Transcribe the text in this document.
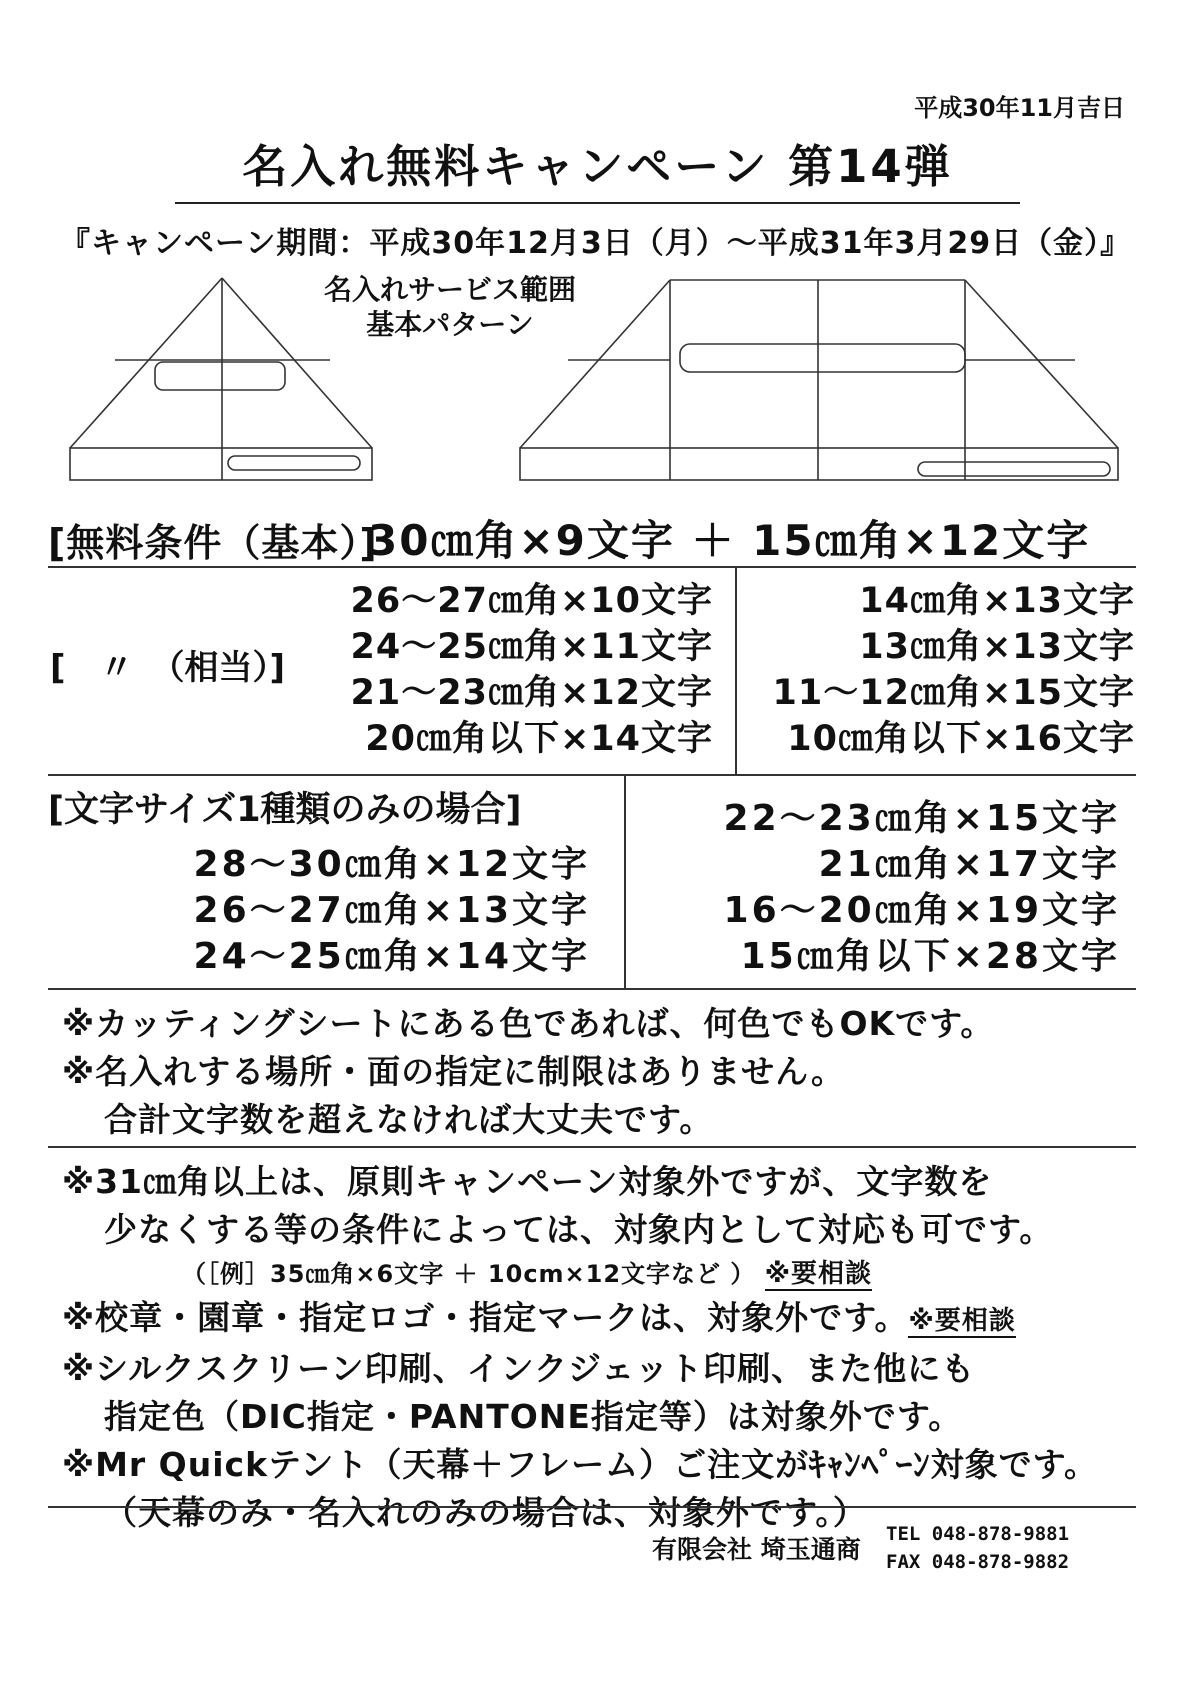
平成30年11月吉日
名入れ無料キャンペーン 第14弾
『キャンペーン期間：平成30年12月3日（月）～平成31年3月29日（金）』
名入れサービス範囲
基本パターン
[無料条件（基本）]
30㎝角×9文字 ＋ 15㎝角×12文字
[　〃　（相当）]
26～27㎝角×10文字
24～25㎝角×11文字
21～23㎝角×12文字
20㎝角以下×14文字
14㎝角×13文字
13㎝角×13文字
11～12㎝角×15文字
10㎝角以下×16文字
[文字サイズ1種類のみの場合]
28～30㎝角×12文字
26～27㎝角×13文字
24～25㎝角×14文字
22～23㎝角×15文字
21㎝角×17文字
16～20㎝角×19文字
15㎝角以下×28文字

※カッティングシートにある色であれば、何色でもOKです。

※名入れする場所・面の指定に制限はありません。

合計文字数を超えなければ大丈夫です。

※31㎝角以上は、原則キャンペーン対象外ですが、文字数を

少なくする等の条件によっては、対象内として対応も可です。

（［例］35㎝角×6文字 ＋ 10cm×12文字など ） ※要相談

※校章・園章・指定ロゴ・指定マークは、対象外です。※要相談

※シルクスクリーン印刷、インクジェット印刷、また他にも

指定色（DIC指定・PANTONE指定等）は対象外です。

※Mr Quickテント（天幕＋フレーム）ご注文がｷｬﾝﾍﾟｰﾝ対象です。

（天幕のみ・名入れのみの場合は、対象外です。）

有限会社 埼玉通商
TEL 048-878-9881
FAX 048-878-9882
